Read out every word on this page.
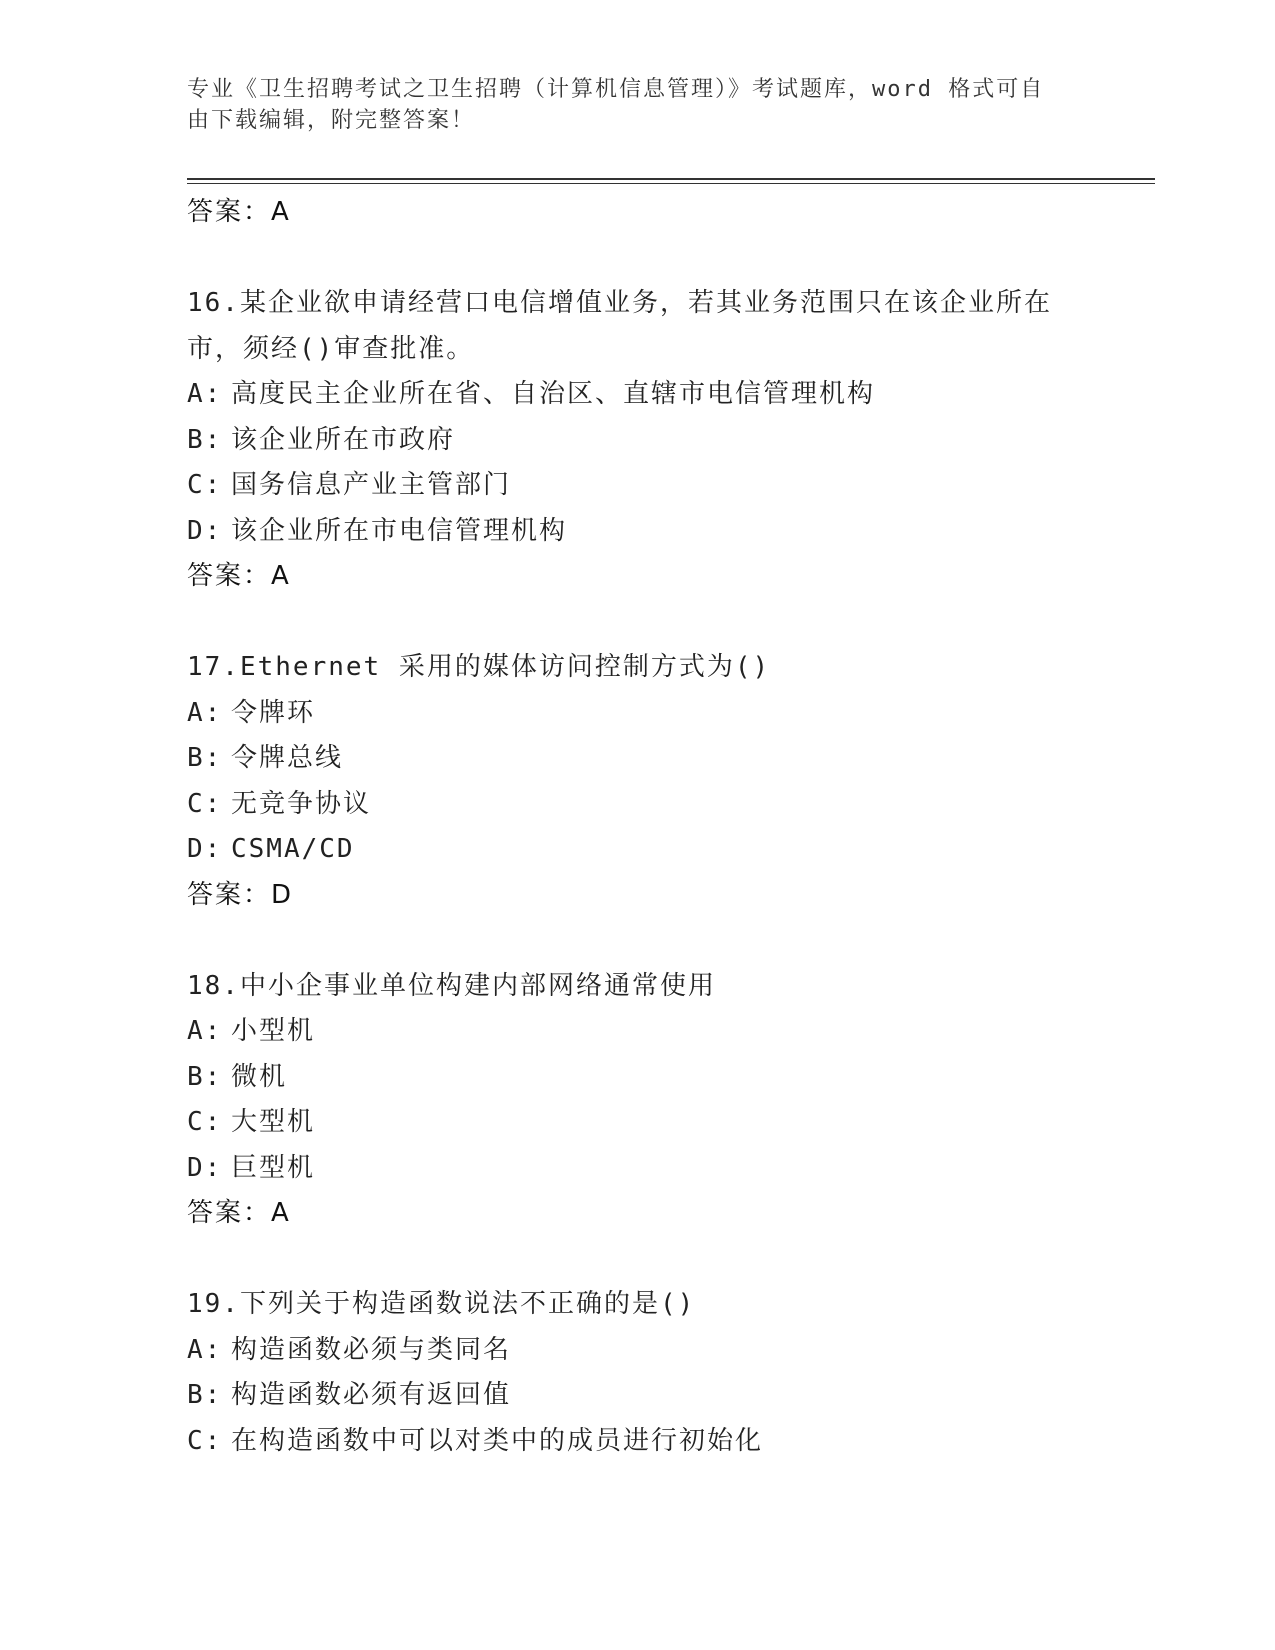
专业《卫生招聘考试之卫生招聘（计算机信息管理）》考试题库，word 格式可自
由下载编辑，附完整答案！
答案：A
16.某企业欲申请经营口电信增值业务，若其业务范围只在该企业所在
市，须经()审查批准。
A: 高度民主企业所在省、自治区、直辖市电信管理机构
B: 该企业所在市政府
C: 国务信息产业主管部门
D: 该企业所在市电信管理机构
答案：A
17.Ethernet 采用的媒体访问控制方式为()
A: 令牌环
B: 令牌总线
C: 无竞争协议
D: CSMA/CD
答案：D
18.中小企事业单位构建内部网络通常使用
A: 小型机
B: 微机
C: 大型机
D: 巨型机
答案：A
19.下列关于构造函数说法不正确的是()
A: 构造函数必须与类同名
B: 构造函数必须有返回值
C: 在构造函数中可以对类中的成员进行初始化
